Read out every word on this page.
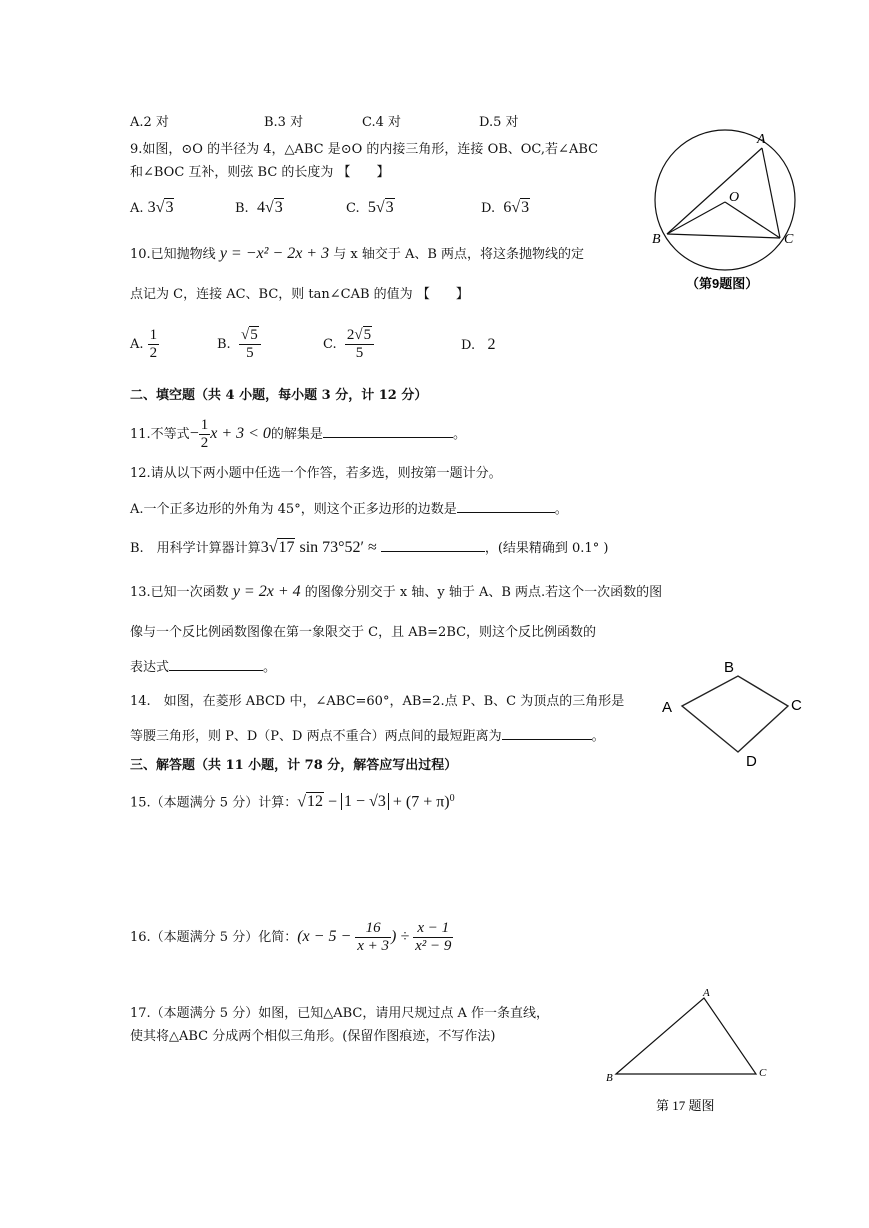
A.2 对	B.3 对	C.4 对	D.5 对
9.如图，⊙O 的半径为 4，△ABC 是⊙O 的内接三角形，连接 OB、OC,若∠ABC
和∠BOC 互补，则弦 BC 的长度为 【　　】
A. 3√3	B. 4√3	C. 5√3	D. 6√3
A
B	C
O
（第9题图）
10.已知抛物线 y = −x² − 2x + 3 与 x 轴交于 A、B 两点，将这条抛物线的定
点记为 C，连接 AC、BC，则 tan∠CAB 的值为 【　　】
A. $\frac{1}{2}$	B. $\frac{√5}{5}$	C. $\frac{2√5}{5}$	D. 2
二、填空题（共 4 小题，每小题 3 分，计 12 分）
11.不等式− $\frac{1}{2}$ x + 3 < 0的解集是	。
12.请从以下两小题中任选一个作答，若多选，则按第一题计分。
A.一个正多边形的外角为 45°，则这个正多边形的边数是	。
B.　用科学计算器计算3√17 sin 73°52′ ≈	，(结果精确到 0.1° )
13.已知一次函数 y = 2x + 4 的图像分别交于 x 轴、y 轴于 A、B 两点.若这个一次函数的图
像与一个反比例函数图像在第一象限交于 C，且 AB=2BC，则这个反比例函数的
表达式	。
14.　如图，在菱形 ABCD 中，∠ABC=60°，AB=2.点 P、B、C 为顶点的三角形是
等腰三角形，则 P、D（P、D 两点不重合）两点间的最短距离为	。
A
B
C
D
三、解答题（共 11 小题，计 78 分，解答应写出过程）
15.（本题满分 5 分）计算：$√12 - 1 - √3 + (7 + \pi)^0$
16.（本题满分 5 分）化简：($x - 5 - \frac{16}{x + 3}$ ) ÷ $\frac{x - 1}{\text{x² − 9}}$
17.（本题满分 5 分）如图，已知△ABC，请用尺规过点 A 作一条直线，
使其将△ABC 分成两个相似三角形。(保留作图痕迹，不写作法)
A
B	C
第 17 题图
